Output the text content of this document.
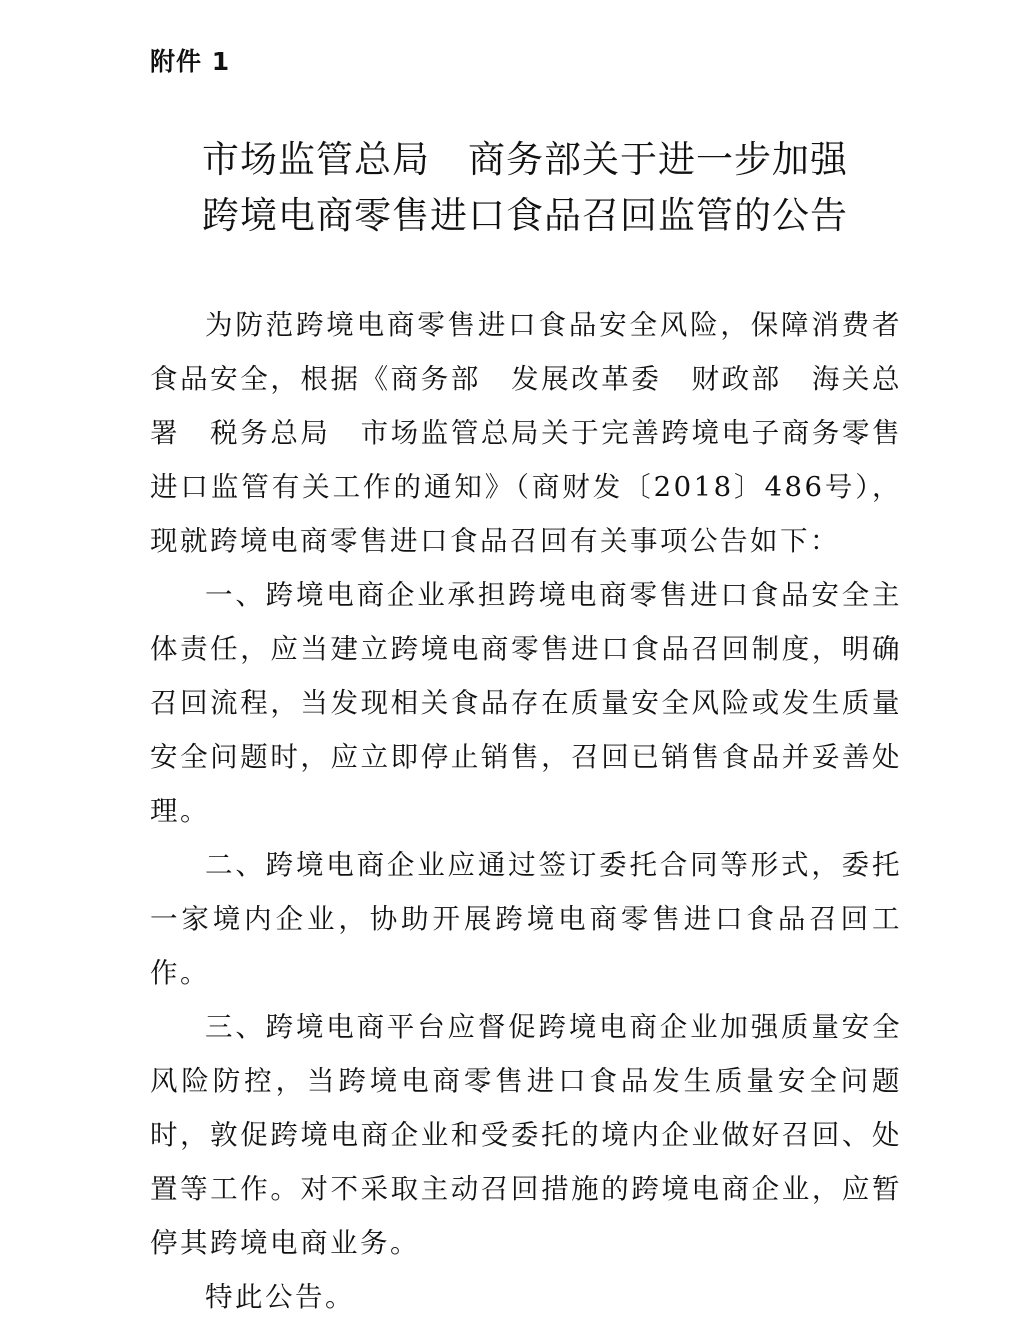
附件 1
市场监管总局　商务部关于进一步加强
跨境电商零售进口食品召回监管的公告

为防范跨境电商零售进口食品安全风险，保障消费者食品安全，根据《商务部　发展改革委　财政部　海关总署　税务总局　市场监管总局关于完善跨境电子商务零售进口监管有关工作的通知》（商财发〔2018〕486号），现就跨境电商零售进口食品召回有关事项公告如下：

一、跨境电商企业承担跨境电商零售进口食品安全主体责任，应当建立跨境电商零售进口食品召回制度，明确召回流程，当发现相关食品存在质量安全风险或发生质量安全问题时，应立即停止销售，召回已销售食品并妥善处理。

二、跨境电商企业应通过签订委托合同等形式，委托一家境内企业，协助开展跨境电商零售进口食品召回工作。

三、跨境电商平台应督促跨境电商企业加强质量安全风险防控，当跨境电商零售进口食品发生质量安全问题时，敦促跨境电商企业和受委托的境内企业做好召回、处置等工作。对不采取主动召回措施的跨境电商企业，应暂停其跨境电商业务。

特此公告。
